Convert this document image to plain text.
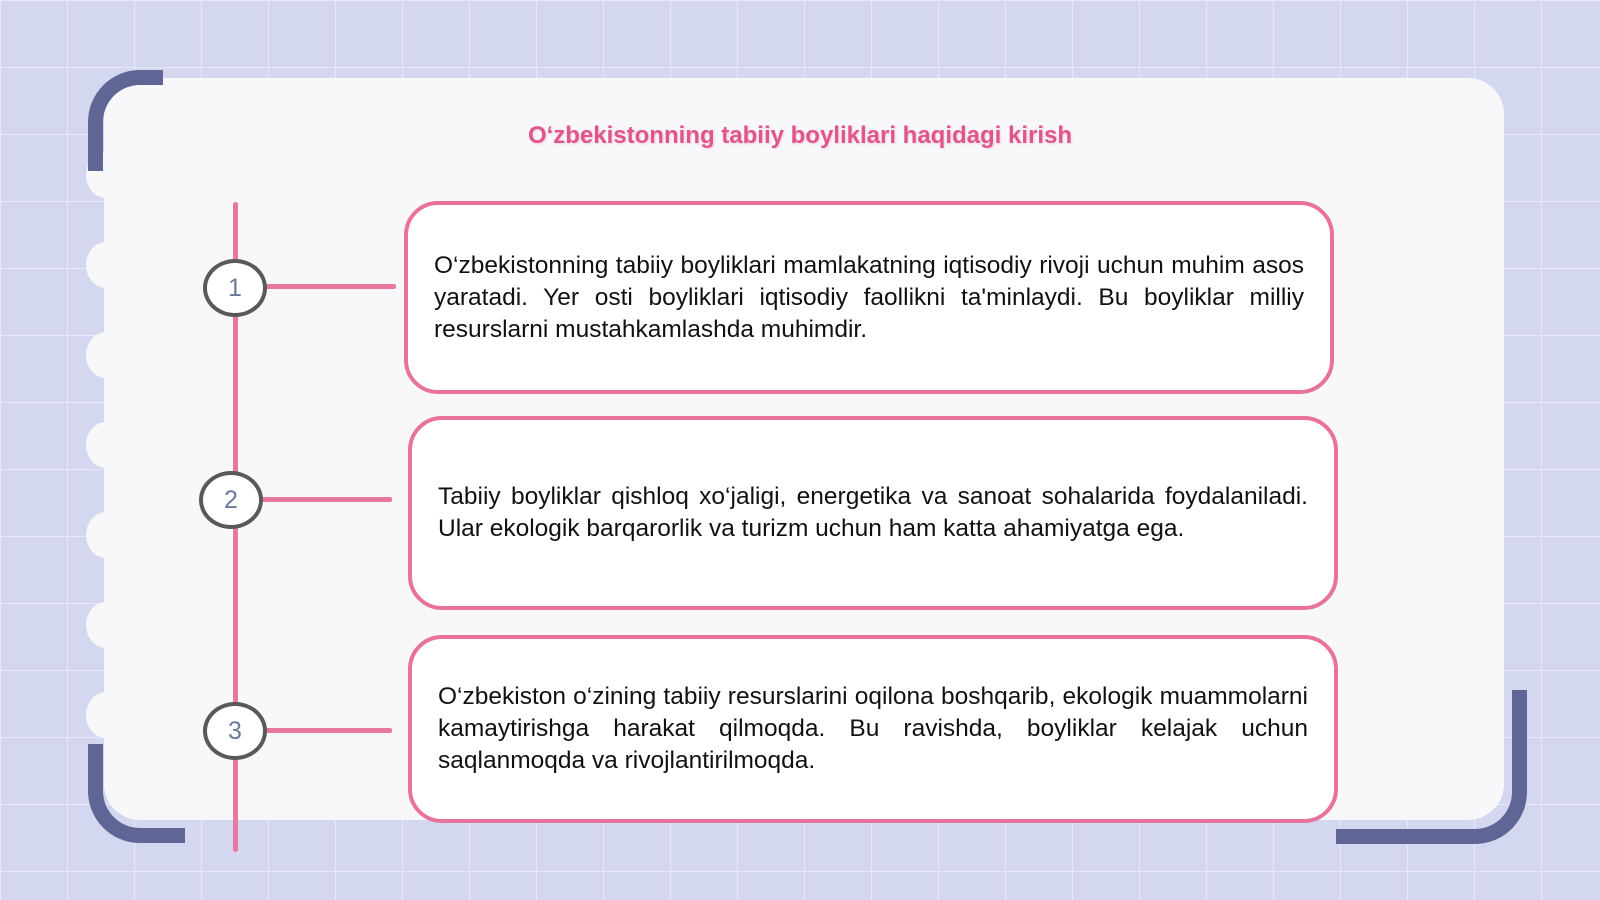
O‘zbekistonning tabiiy boyliklari haqidagi kirish
1

O‘zbekistonning tabiiy boyliklari mamlakatning iqtisodiy rivoji uchun muhim asos yaratadi. Yer osti boyliklari iqtisodiy faollikni ta'minlaydi. Bu boyliklar milliy resurslarni mustahkamlashda muhimdir.

2	Tabiiy boyliklar qishloq xo‘jaligi, energetika va sanoat sohalarida foydalaniladi. Ular ekologik barqarorlik va turizm uchun ham katta ahamiyatga ega.

3

O‘zbekiston o‘zining tabiiy resurslarini oqilona boshqarib, ekologik muammolarni kamaytirishga harakat qilmoqda. Bu ravishda, boyliklar kelajak uchun saqlanmoqda va rivojlantirilmoqda.
